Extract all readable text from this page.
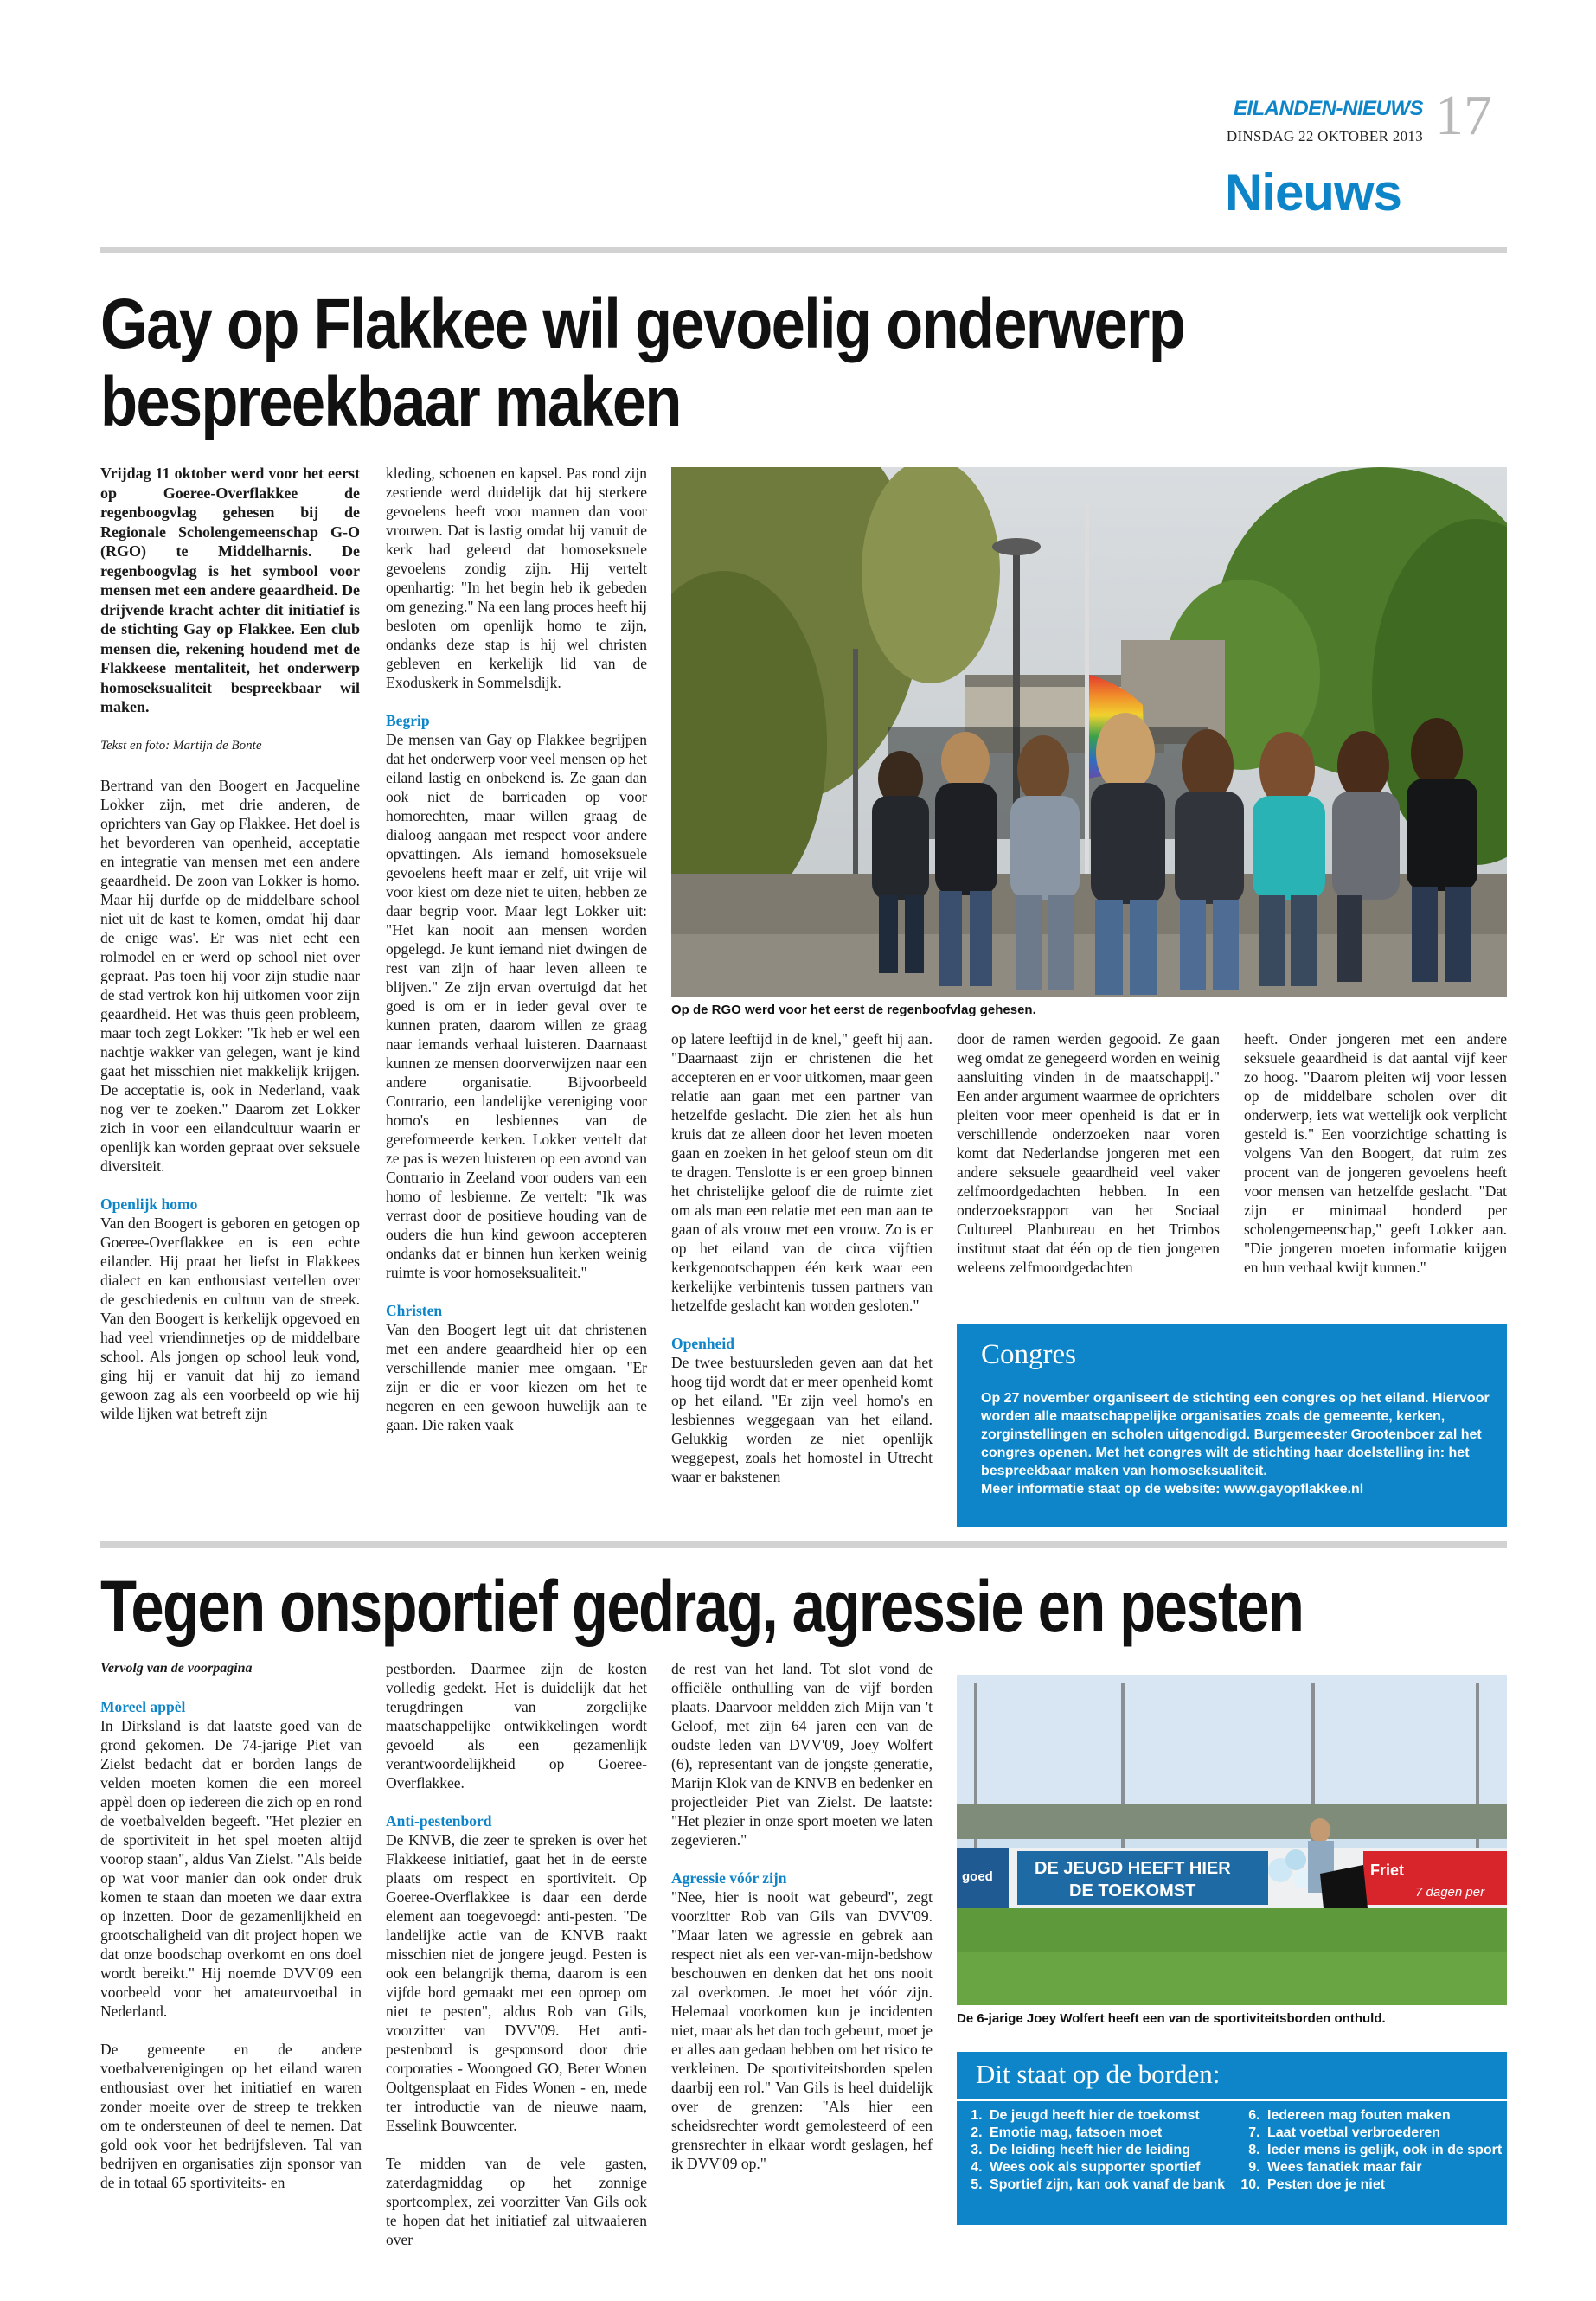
EILANDEN-NIEUWS
DINSDAG 22 OKTOBER 2013 17
Nieuws
Gay op Flakkee wil gevoelig onderwerp
bespreekbaar maken

Vrijdag 11 oktober werd voor het eerst op Goeree-Overflakkee de regenboogvlag gehesen bij de Regionale Scholengemeenschap G-O (RGO) te Middelharnis. De regenboogvlag is het symbool voor mensen met een andere geaardheid. De drijvende kracht achter dit initiatief is de stichting Gay op Flakkee. Een club mensen die, rekening houdend met de Flakkeese mentaliteit, het onderwerp homoseksualiteit bespreekbaar wil maken.

Tekst en foto: Martijn de Bonte

Bertrand van den Boogert en Jacqueline Lokker zijn, met drie anderen, de oprichters van Gay op Flakkee. Het doel is het bevorderen van openheid, acceptatie en integratie van mensen met een andere geaardheid. De zoon van Lokker is homo. Maar hij durfde op de middelbare school niet uit de kast te komen, omdat 'hij daar de enige was'. Er was niet echt een rolmodel en er werd op school niet over gepraat. Pas toen hij voor zijn studie naar de stad vertrok kon hij uitkomen voor zijn geaardheid. Het was thuis geen probleem, maar toch zegt Lokker: "Ik heb er wel een nachtje wakker van gelegen, want je kind gaat het misschien niet makkelijk krijgen. De acceptatie is, ook in Nederland, vaak nog ver te zoeken." Daarom zet Lokker zich in voor een eilandcultuur waarin er openlijk kan worden gepraat over seksuele diversiteit.

Openlijk homo

Van den Boogert is geboren en getogen op Goeree-Overflakkee en is een echte eilander. Hij praat het liefst in Flakkees dialect en kan enthousiast vertellen over de geschiedenis en cultuur van de streek. Van den Boogert is kerkelijk opgevoed en had veel vriendinnetjes op de middelbare school. Als jongen op school leuk vond, ging hij er vanuit dat hij zo iemand gewoon zag als een voorbeeld op wie hij wilde lijken wat betreft zijn

kleding, schoenen en kapsel. Pas rond zijn zestiende werd duidelijk dat hij sterkere gevoelens heeft voor mannen dan voor vrouwen. Dat is lastig omdat hij vanuit de kerk had geleerd dat homoseksuele gevoelens zondig zijn. Hij vertelt openhartig: "In het begin heb ik gebeden om genezing." Na een lang proces heeft hij besloten om openlijk homo te zijn, ondanks deze stap is hij wel christen gebleven en kerkelijk lid van de Exoduskerk in Sommelsdijk.

Begrip

De mensen van Gay op Flakkee begrijpen dat het onderwerp voor veel mensen op het eiland lastig en onbekend is. Ze gaan dan ook niet de barricaden op voor homorechten, maar willen graag de dialoog aangaan met respect voor andere opvattingen. Als iemand homoseksuele gevoelens heeft maar er zelf, uit vrije wil voor kiest om deze niet te uiten, hebben ze daar begrip voor. Maar legt Lokker uit: "Het kan nooit aan mensen worden opgelegd. Je kunt iemand niet dwingen de rest van zijn of haar leven alleen te blijven." Ze zijn ervan overtuigd dat het goed is om er in ieder geval over te kunnen praten, daarom willen ze graag naar iemands verhaal luisteren. Daarnaast kunnen ze mensen doorverwijzen naar een andere organisatie. Bijvoorbeeld Contrario, een landelijke vereniging voor homo's en lesbiennes van de gereformeerde kerken. Lokker vertelt dat ze pas is wezen luisteren op een avond van Contrario in Zeeland voor ouders van een homo of lesbienne. Ze vertelt: "Ik was verrast door de positieve houding van de ouders die hun kind gewoon accepteren ondanks dat er binnen hun kerken weinig ruimte is voor homoseksualiteit."

Christen

Van den Boogert legt uit dat christenen met een andere geaardheid hier op een verschillende manier mee omgaan. "Er zijn er die er voor kiezen om het te negeren en een gewoon huwelijk aan te gaan. Die raken vaak

Op de RGO werd voor het eerst de regenboofvlag gehesen.

op latere leeftijd in de knel," geeft hij aan. "Daarnaast zijn er christenen die het accepteren en er voor uitkomen, maar geen relatie aan gaan met een partner van hetzelfde geslacht. Die zien het als hun kruis dat ze alleen door het leven moeten gaan en zoeken in het geloof steun om dit te dragen. Tenslotte is er een groep binnen het christelijke geloof die de ruimte ziet om als man een relatie met een man aan te gaan of als vrouw met een vrouw. Zo is er op het eiland van de circa vijftien kerkgenootschappen één kerk waar een kerkelijke verbintenis tussen partners van hetzelfde geslacht kan worden gesloten."

Openheid

De twee bestuursleden geven aan dat het hoog tijd wordt dat er meer openheid komt op het eiland. "Er zijn veel homo's en lesbiennes weggegaan van het eiland. Gelukkig worden ze niet openlijk weggepest, zoals het homostel in Utrecht waar er bakstenen

door de ramen werden gegooid. Ze gaan weg omdat ze genegeerd worden en weinig aansluiting vinden in de maatschappij." Een ander argument waarmee de oprichters pleiten voor meer openheid is dat er in verschillende onderzoeken naar voren komt dat Nederlandse jongeren met een andere seksuele geaardheid veel vaker zelfmoordgedachten hebben. In een onderzoeksrapport van het Sociaal Cultureel Planbureau en het Trimbos instituut staat dat één op de tien jongeren weleens zelfmoordgedachten

heeft. Onder jongeren met een andere seksuele geaardheid is dat aantal vijf keer zo hoog. "Daarom pleiten wij voor lessen op de middelbare scholen over dit onderwerp, iets wat wettelijk ook verplicht gesteld is." Een voorzichtige schatting is volgens Van den Boogert, dat ruim zes procent van de jongeren gevoelens heeft voor mensen van hetzelfde geslacht. "Dat zijn er minimaal honderd per scholengemeenschap," geeft Lokker aan. "Die jongeren moeten informatie krijgen en hun verhaal kwijt kunnen."

Congres
Op 27 november organiseert de stichting een congres op het eiland. Hiervoor worden alle maatschappelijke organisaties zoals de gemeente, kerken, zorginstellingen en scholen uitgenodigd. Burgemeester Grootenboer zal het congres openen. Met het congres wilt de stichting haar doelstelling in: het bespreekbaar maken van homoseksualiteit.
Meer informatie staat op de website: www.gayopflakkee.nl
Tegen onsportief gedrag, agressie en pesten

Vervolg van de voorpagina

Moreel appèl

In Dirksland is dat laatste goed van de grond gekomen. De 74-jarige Piet van Zielst bedacht dat er borden langs de velden moeten komen die een moreel appèl doen op iedereen die zich op en rond de voetbalvelden begeeft. "Het plezier en de sportiviteit in het spel moeten altijd voorop staan", aldus Van Zielst. "Als beide op wat voor manier dan ook onder druk komen te staan dan moeten we daar extra op inzetten. Door de gezamenlijkheid en grootschaligheid van dit project hopen we dat onze boodschap overkomt en ons doel wordt bereikt." Hij noemde DVV'09 een voorbeeld voor het amateurvoetbal in Nederland.

De gemeente en de andere voetbalverenigingen op het eiland waren enthousiast over het initiatief en waren zonder moeite over de streep te trekken om te ondersteunen of deel te nemen. Dat gold ook voor het bedrijfsleven. Tal van bedrijven en organisaties zijn sponsor van de in totaal 65 sportiviteits- en

pestborden. Daarmee zijn de kosten volledig gedekt. Het is duidelijk dat het terugdringen van zorgelijke maatschappelijke ontwikkelingen wordt gevoeld als een gezamenlijk verantwoordelijkheid op Goeree-Overflakkee.

Anti-pestenbord

De KNVB, die zeer te spreken is over het Flakkeese initiatief, gaat het in de eerste plaats om respect en sportiviteit. Op Goeree-Overflakkee is daar een derde element aan toegevoegd: anti-pesten. "De landelijke actie van de KNVB raakt misschien niet de jongere jeugd. Pesten is ook een belangrijk thema, daarom is een vijfde bord gemaakt met een oproep om niet te pesten", aldus Rob van Gils, voorzitter van DVV'09. Het anti-pestenbord is gesponsord door drie corporaties - Woongoed GO, Beter Wonen Ooltgensplaat en Fides Wonen - en, mede ter introductie van de nieuwe naam, Esselink Bouwcenter.

Te midden van de vele gasten, zaterdagmiddag op het zonnige sportcomplex, zei voorzitter Van Gils ook te hopen dat het initiatief zal uitwaaieren over

de rest van het land. Tot slot vond de officiële onthulling van de vijf borden plaats. Daarvoor meldden zich Mijn van 't Geloof, met zijn 64 jaren een van de oudste leden van DVV'09, Joey Wolfert (6), representant van de jongste generatie, Marijn Klok van de KNVB en bedenker en projectleider Piet van Zielst. De laatste: "Het plezier in onze sport moeten we laten zegevieren."

Agressie vóór zijn

"Nee, hier is nooit wat gebeurd", zegt voorzitter Rob van Gils van DVV'09. "Maar laten we agressie en gebrek aan respect niet als een ver-van-mijn-bedshow beschouwen en denken dat het ons nooit zal overkomen. Je moet het vóór zijn. Helemaal voorkomen kun je incidenten niet, maar als het dan toch gebeurt, moet je er alles aan gedaan hebben om het risico te verkleinen. De sportiviteitsborden spelen daarbij een rol." Van Gils is heel duidelijk over de grenzen: "Als hier een scheidsrechter wordt gemolesteerd of een grensrechter in elkaar wordt geslagen, hef ik DVV'09 op."

goed DE JEUGD HEEFT HIER
DE TOEKOMST
Friet
7 dagen per
De 6-jarige Joey Wolfert heeft een van de sportiviteitsborden onthuld.
Dit staat op de borden:
1. De jeugd heeft hier de toekomst
2. Emotie mag, fatsoen moet
3. De leiding heeft hier de leiding
4. Wees ook als supporter sportief
5. Sportief zijn, kan ook vanaf de bank
6. Iedereen mag fouten maken
7. Laat voetbal verbroederen
8. Ieder mens is gelijk, ook in de sport
9. Wees fanatiek maar fair
10. Pesten doe je niet
